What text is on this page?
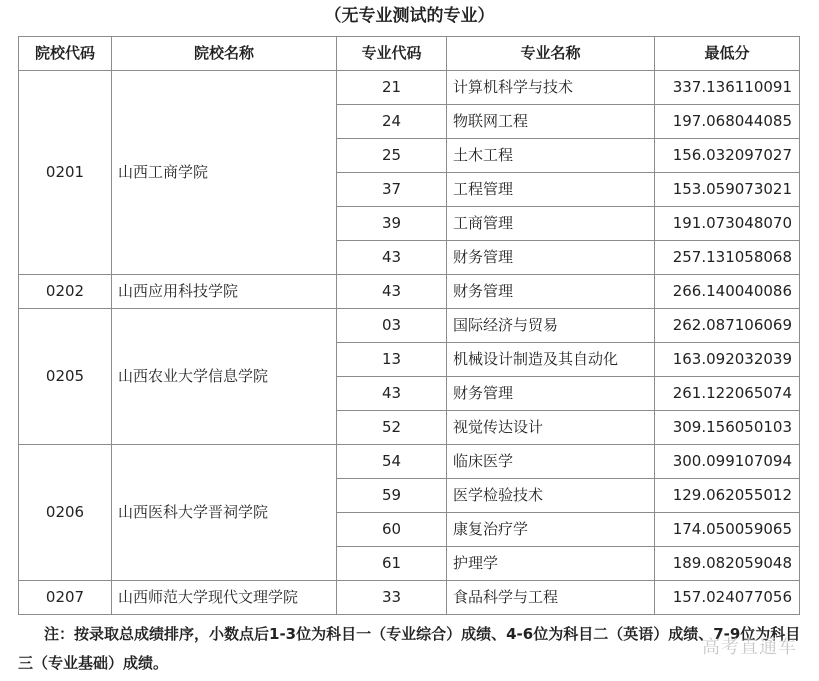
（无专业测试的专业）
院校代码	院校名称	专业代码	专业名称	最低分
0201	山西工商学院	21	计算机科学与技术	337.136110091
		24	物联网工程	197.068044085
		25	土木工程	156.032097027
		37	工程管理	153.059073021
		39	工商管理	191.073048070
		43	财务管理	257.131058068
0202	山西应用科技学院	43	财务管理	266.140040086
0205	山西农业大学信息学院	03	国际经济与贸易	262.087106069
		13	机械设计制造及其自动化	163.092032039
		43	财务管理	261.122065074
		52	视觉传达设计	309.156050103
0206	山西医科大学晋祠学院	54	临床医学	300.099107094
		59	医学检验技术	129.062055012
		60	康复治疗学	174.050059065
		61	护理学	189.082059048
0207	山西师范大学现代文理学院	33	食品科学与工程	157.024077056
注：按录取总成绩排序，小数点后1-3位为科目一（专业综合）成绩、4-6位为科目二（英语）成绩、7-9位为科目三（专业基础）成绩。
高考直通车
